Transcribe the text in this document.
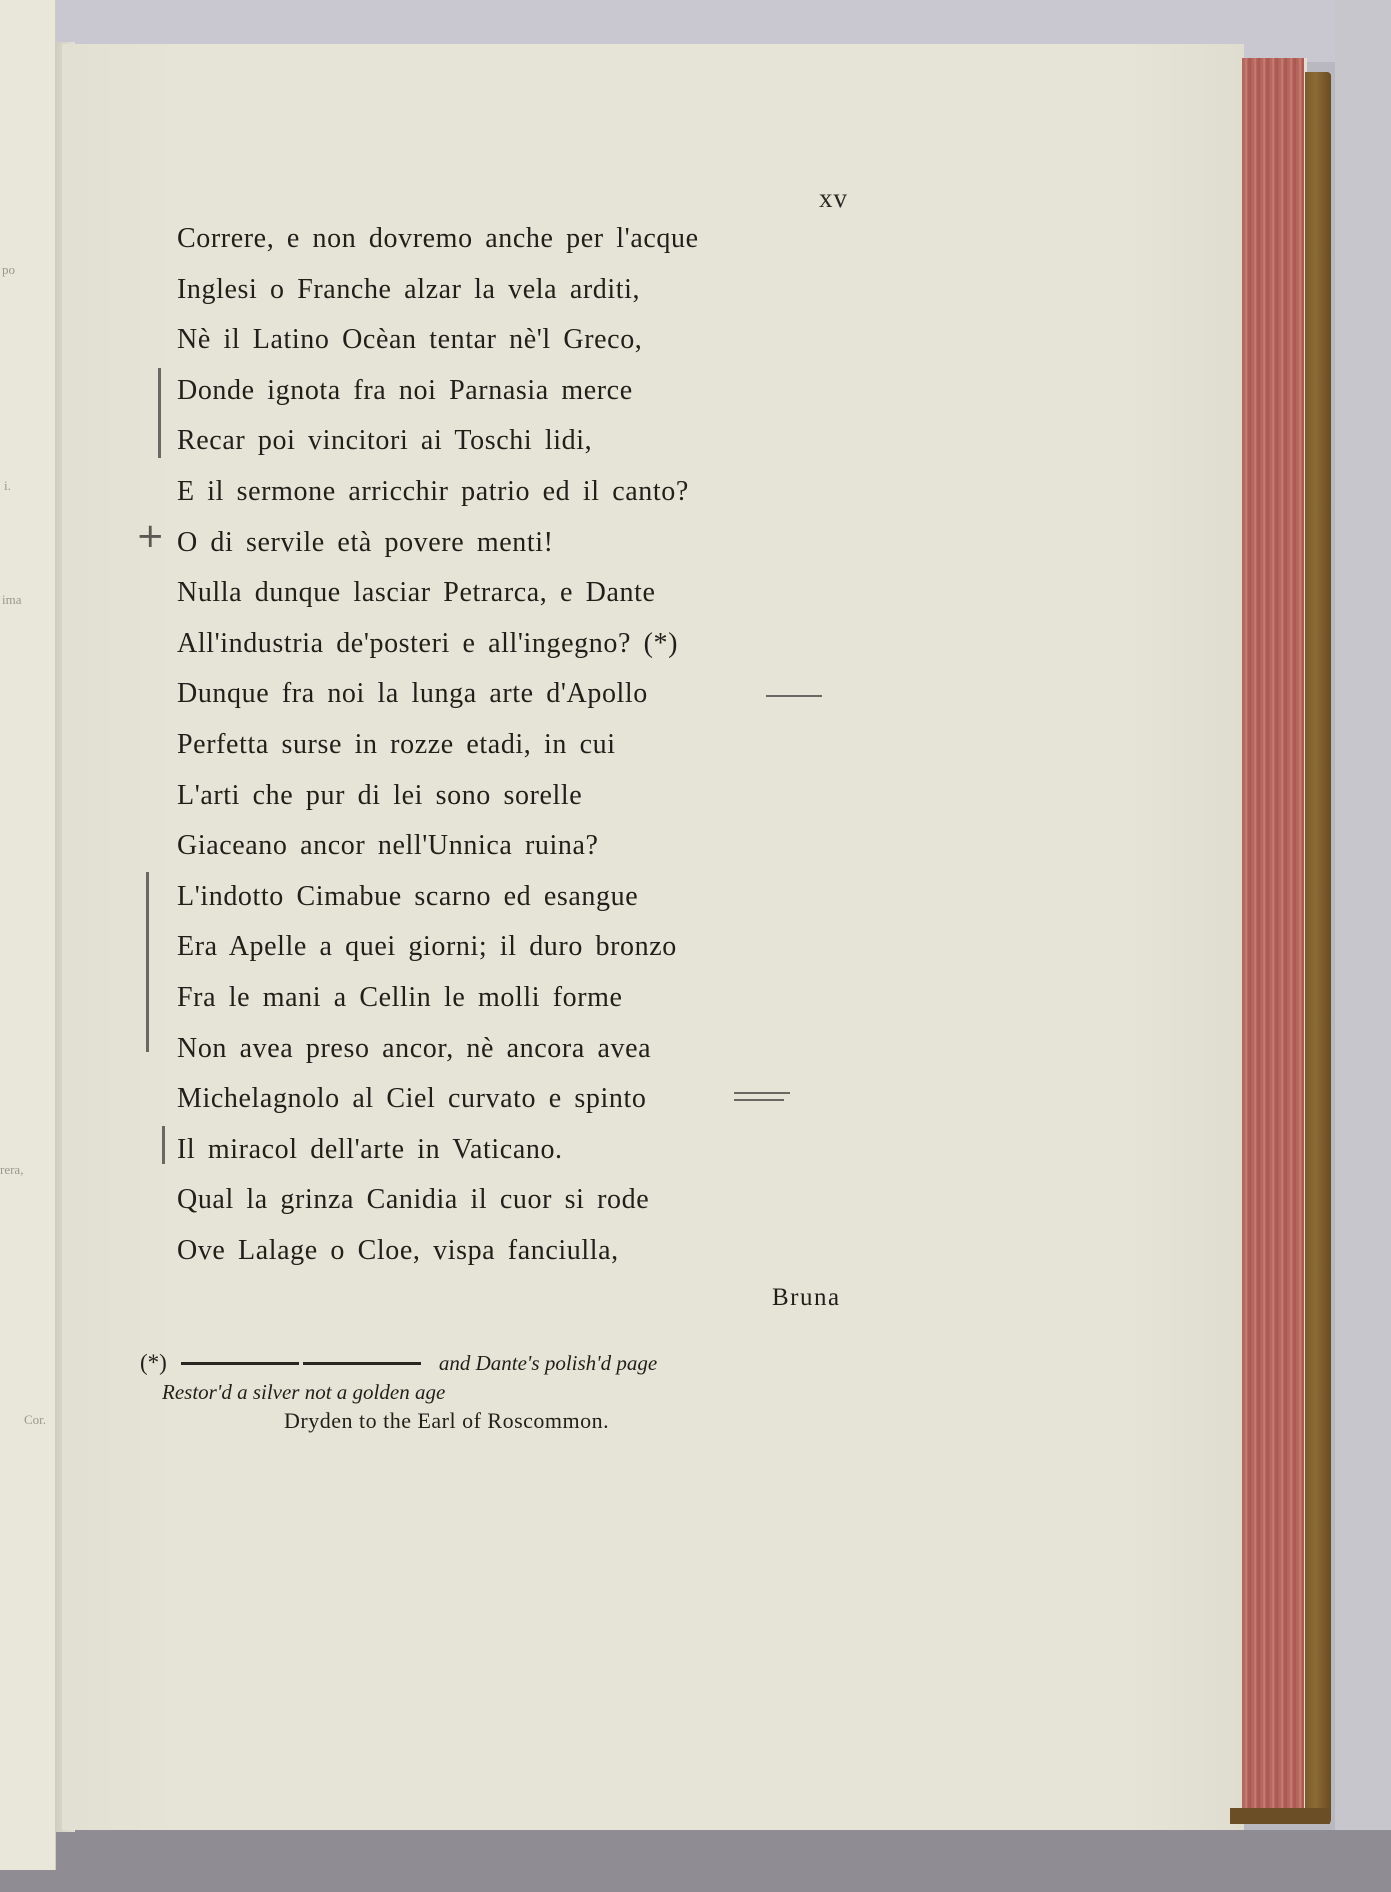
po
i.
ima
rera,
Cor.
xv
Correre, e non dovremo anche per l'acque
Inglesi o Franche alzar la vela arditi,
Nè il Latino Ocèan tentar nè'l Greco,
Donde ignota fra noi Parnasia merce
Recar poi vincitori ai Toschi lidi,
E il sermone arricchir patrio ed il canto?
O di servile età povere menti!
Nulla dunque lasciar Petrarca, e Dante
All'industria de'posteri e all'ingegno? (*)
Dunque fra noi la lunga arte d'Apollo
Perfetta surse in rozze etadi, in cui
L'arti che pur di lei sono sorelle
Giaceano ancor nell'Unnica ruina?
L'indotto Cimabue scarno ed esangue
Era Apelle a quei giorni; il duro bronzo
Fra le mani a Cellin le molli forme
Non avea preso ancor, nè ancora avea
Michelagnolo al Ciel curvato e spinto
Il miracol dell'arte in Vaticano.
Qual la grinza Canidia il cuor si rode
Ove Lalage o Cloe, vispa fanciulla,
+
Bruna
(*)	and Dante's polish'd page
Restor'd a silver not a golden age
Dryden to the Earl of Roscommon.
